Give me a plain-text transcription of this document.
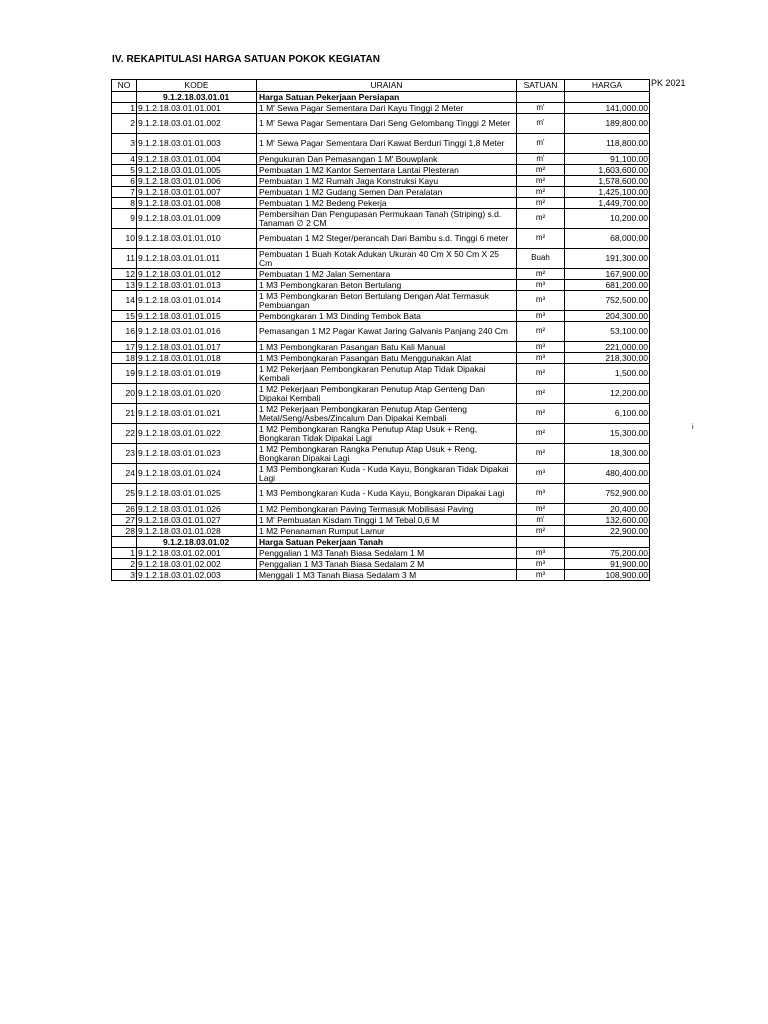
IV. REKAPITULASI HARGA SATUAN POKOK KEGIATAN
PK 2021
i
NO	KODE	URAIAN	SATUAN	HARGA
	9.1.2.18.03.01.01	Harga Satuan Pekerjaan Persiapan		
1	9.1.2.18.03.01.01.001	1 M' Sewa Pagar Sementara Dari Kayu Tinggi 2 Meter	m'	141,000.00
2	9.1.2.18.03.01.01.002	1 M' Sewa Pagar Sementara Dari Seng Gelombang Tinggi 2 Meter	m'	189,800.00
3	9.1.2.18.03.01.01.003	1 M' Sewa Pagar Sementara Dari Kawat Berduri Tinggi 1,8 Meter	m'	118,800.00
4	9.1.2.18.03.01.01.004	Pengukuran Dan Pemasangan 1 M' Bouwplank	m'	91,100.00
5	9.1.2.18.03.01.01.005	Pembuatan 1 M2 Kantor Sementara Lantai Plesteran	m²	1,603,600.00
6	9.1.2.18.03.01.01.006	Pembuatan 1 M2 Rumah Jaga Konstruksi Kayu	m²	1,578,600.00
7	9.1.2.18.03.01.01.007	Pembuatan 1 M2 Gudang Semen Dan Peralatan	m²	1,425,100.00
8	9.1.2.18.03.01.01.008	Pembuatan 1 M2 Bedeng Pekerja	m²	1,449,700.00
9	9.1.2.18.03.01.01.009	Pembersihan Dan Pengupasan Permukaan Tanah (Striping) s.d. Tanaman ∅ 2 CM	m²	10,200.00
10	9.1.2.18.03.01.01.010	Pembuatan 1 M2 Steger/perancah Dari Bambu s.d. Tinggi 6 meter	m²	68,000.00
11	9.1.2.18.03.01.01.011	Pembuatan 1 Buah Kotak Adukan Ukuran 40 Cm X 50 Cm X 25 Cm	Buah	191,300.00
12	9.1.2.18.03.01.01.012	Pembuatan 1 M2 Jalan Sementara	m²	167,900.00
13	9.1.2.18.03.01.01.013	1 M3 Pembongkaran Beton Bertulang	m³	681,200.00
14	9.1.2.18.03.01.01.014	1 M3 Pembongkaran Beton Bertulang Dengan Alat Termasuk Pembuangan	m³	752,500.00
15	9.1.2.18.03.01.01.015	Pembongkaran 1 M3 Dinding Tembok Bata	m³	204,300.00
16	9.1.2.18.03.01.01.016	Pemasangan 1 M2 Pagar Kawat Jaring Galvanis Panjang 240 Cm	m²	53,100.00
17	9.1.2.18.03.01.01.017	1 M3 Pembongkaran Pasangan Batu Kali Manual	m³	221,000.00
18	9.1.2.18.03.01.01.018	1 M3 Pembongkaran Pasangan Batu Menggunakan Alat	m³	218,300.00
19	9.1.2.18.03.01.01.019	1 M2 Pekerjaan Pembongkaran Penutup Atap Tidak Dipakai Kembali	m²	1,500.00
20	9.1.2.18.03.01.01.020	1 M2 Pekerjaan Pembongkaran Penutup Atap Genteng Dan Dipakai Kembali	m²	12,200.00
21	9.1.2.18.03.01.01.021	1 M2 Pekerjaan Pembongkaran Penutup Atap Genteng Metal/Seng/Asbes/Zincalum Dan Dipakai Kembali	m²	6,100.00
22	9.1.2.18.03.01.01.022	1 M2 Pembongkaran Rangka Penutup Atap Usuk + Reng, Bongkaran Tidak Dipakai Lagi	m²	15,300.00
23	9.1.2.18.03.01.01.023	1 M2 Pembongkaran Rangka Penutup Atap Usuk + Reng, Bongkaran Dipakai Lagi	m²	18,300.00
24	9.1.2.18.03.01.01.024	1 M3 Pembongkaran Kuda - Kuda Kayu, Bongkaran Tidak Dipakai Lagi	m³	480,400.00
25	9.1.2.18.03.01.01.025	1 M3 Pembongkaran Kuda - Kuda Kayu, Bongkaran Dipakai Lagi	m³	752,900.00
26	9.1.2.18.03.01.01.026	1 M2 Pembongkaran Paving Termasuk Mobilisasi Paving	m²	20,400.00
27	9.1.2.18.03.01.01.027	1 M' Pembuatan Kisdam Tinggi 1 M Tebal 0,6 M	m'	132,600.00
28	9.1.2.18.03.01.01.028	1 M2 Penanaman Rumput Lamur	m²	22,900.00
	9.1.2.18.03.01.02	Harga Satuan Pekerjaan Tanah		
1	9.1.2.18.03.01.02.001	Penggalian 1 M3 Tanah Biasa Sedalam 1 M	m³	75,200.00
2	9.1.2.18.03.01.02.002	Penggalian 1 M3 Tanah Biasa Sedalam 2 M	m³	91,900.00
3	9.1.2.18.03.01.02.003	Menggali 1 M3 Tanah Biasa Sedalam 3 M	m³	108,900.00
